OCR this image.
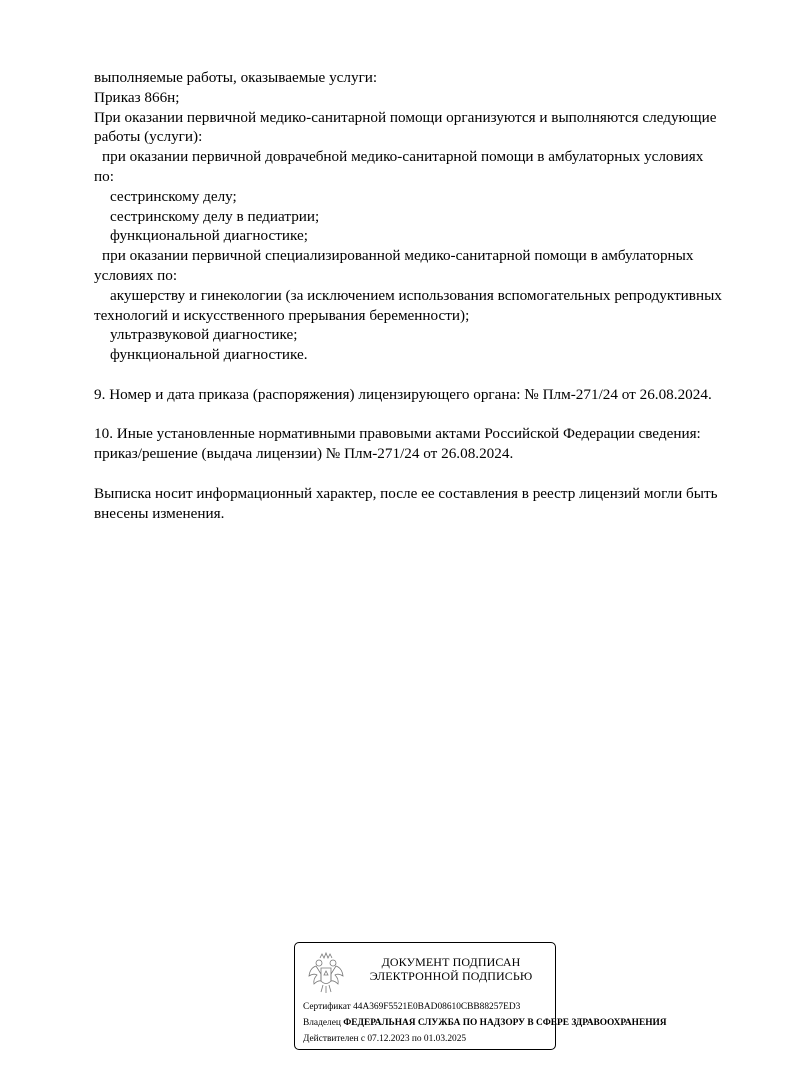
выполняемые работы, оказываемые услуги:
Приказ 866н;
При оказании первичной медико-санитарной помощи организуются и выполняются следующие
работы (услуги):
при оказании первичной доврачебной медико-санитарной помощи в амбулаторных условиях
по:
сестринскому делу;
сестринскому делу в педиатрии;
функциональной диагностике;
при оказании первичной специализированной медико-санитарной помощи в амбулаторных
условиях по:
акушерству и гинекологии (за исключением использования вспомогательных репродуктивных
технологий и искусственного прерывания беременности);
ультразвуковой диагностике;
функциональной диагностике.
9. Номер и дата приказа (распоряжения) лицензирующего органа: № Плм-271/24 от 26.08.2024.
10. Иные установленные нормативными правовыми актами Российской Федерации сведения:
приказ/решение (выдача лицензии) № Плм-271/24 от 26.08.2024.
Выписка носит информационный характер, после ее составления в реестр лицензий могли быть
внесены изменения.
ДОКУМЕНТ ПОДПИСАН
ЭЛЕКТРОННОЙ ПОДПИСЬЮ
Сертификат 44A369F5521E0BAD08610CBB88257ED3
Владелец ФЕДЕРАЛЬНАЯ СЛУЖБА ПО НАДЗОРУ В СФЕРЕ ЗДРАВООХРАНЕНИЯ
Действителен с 07.12.2023 по 01.03.2025
